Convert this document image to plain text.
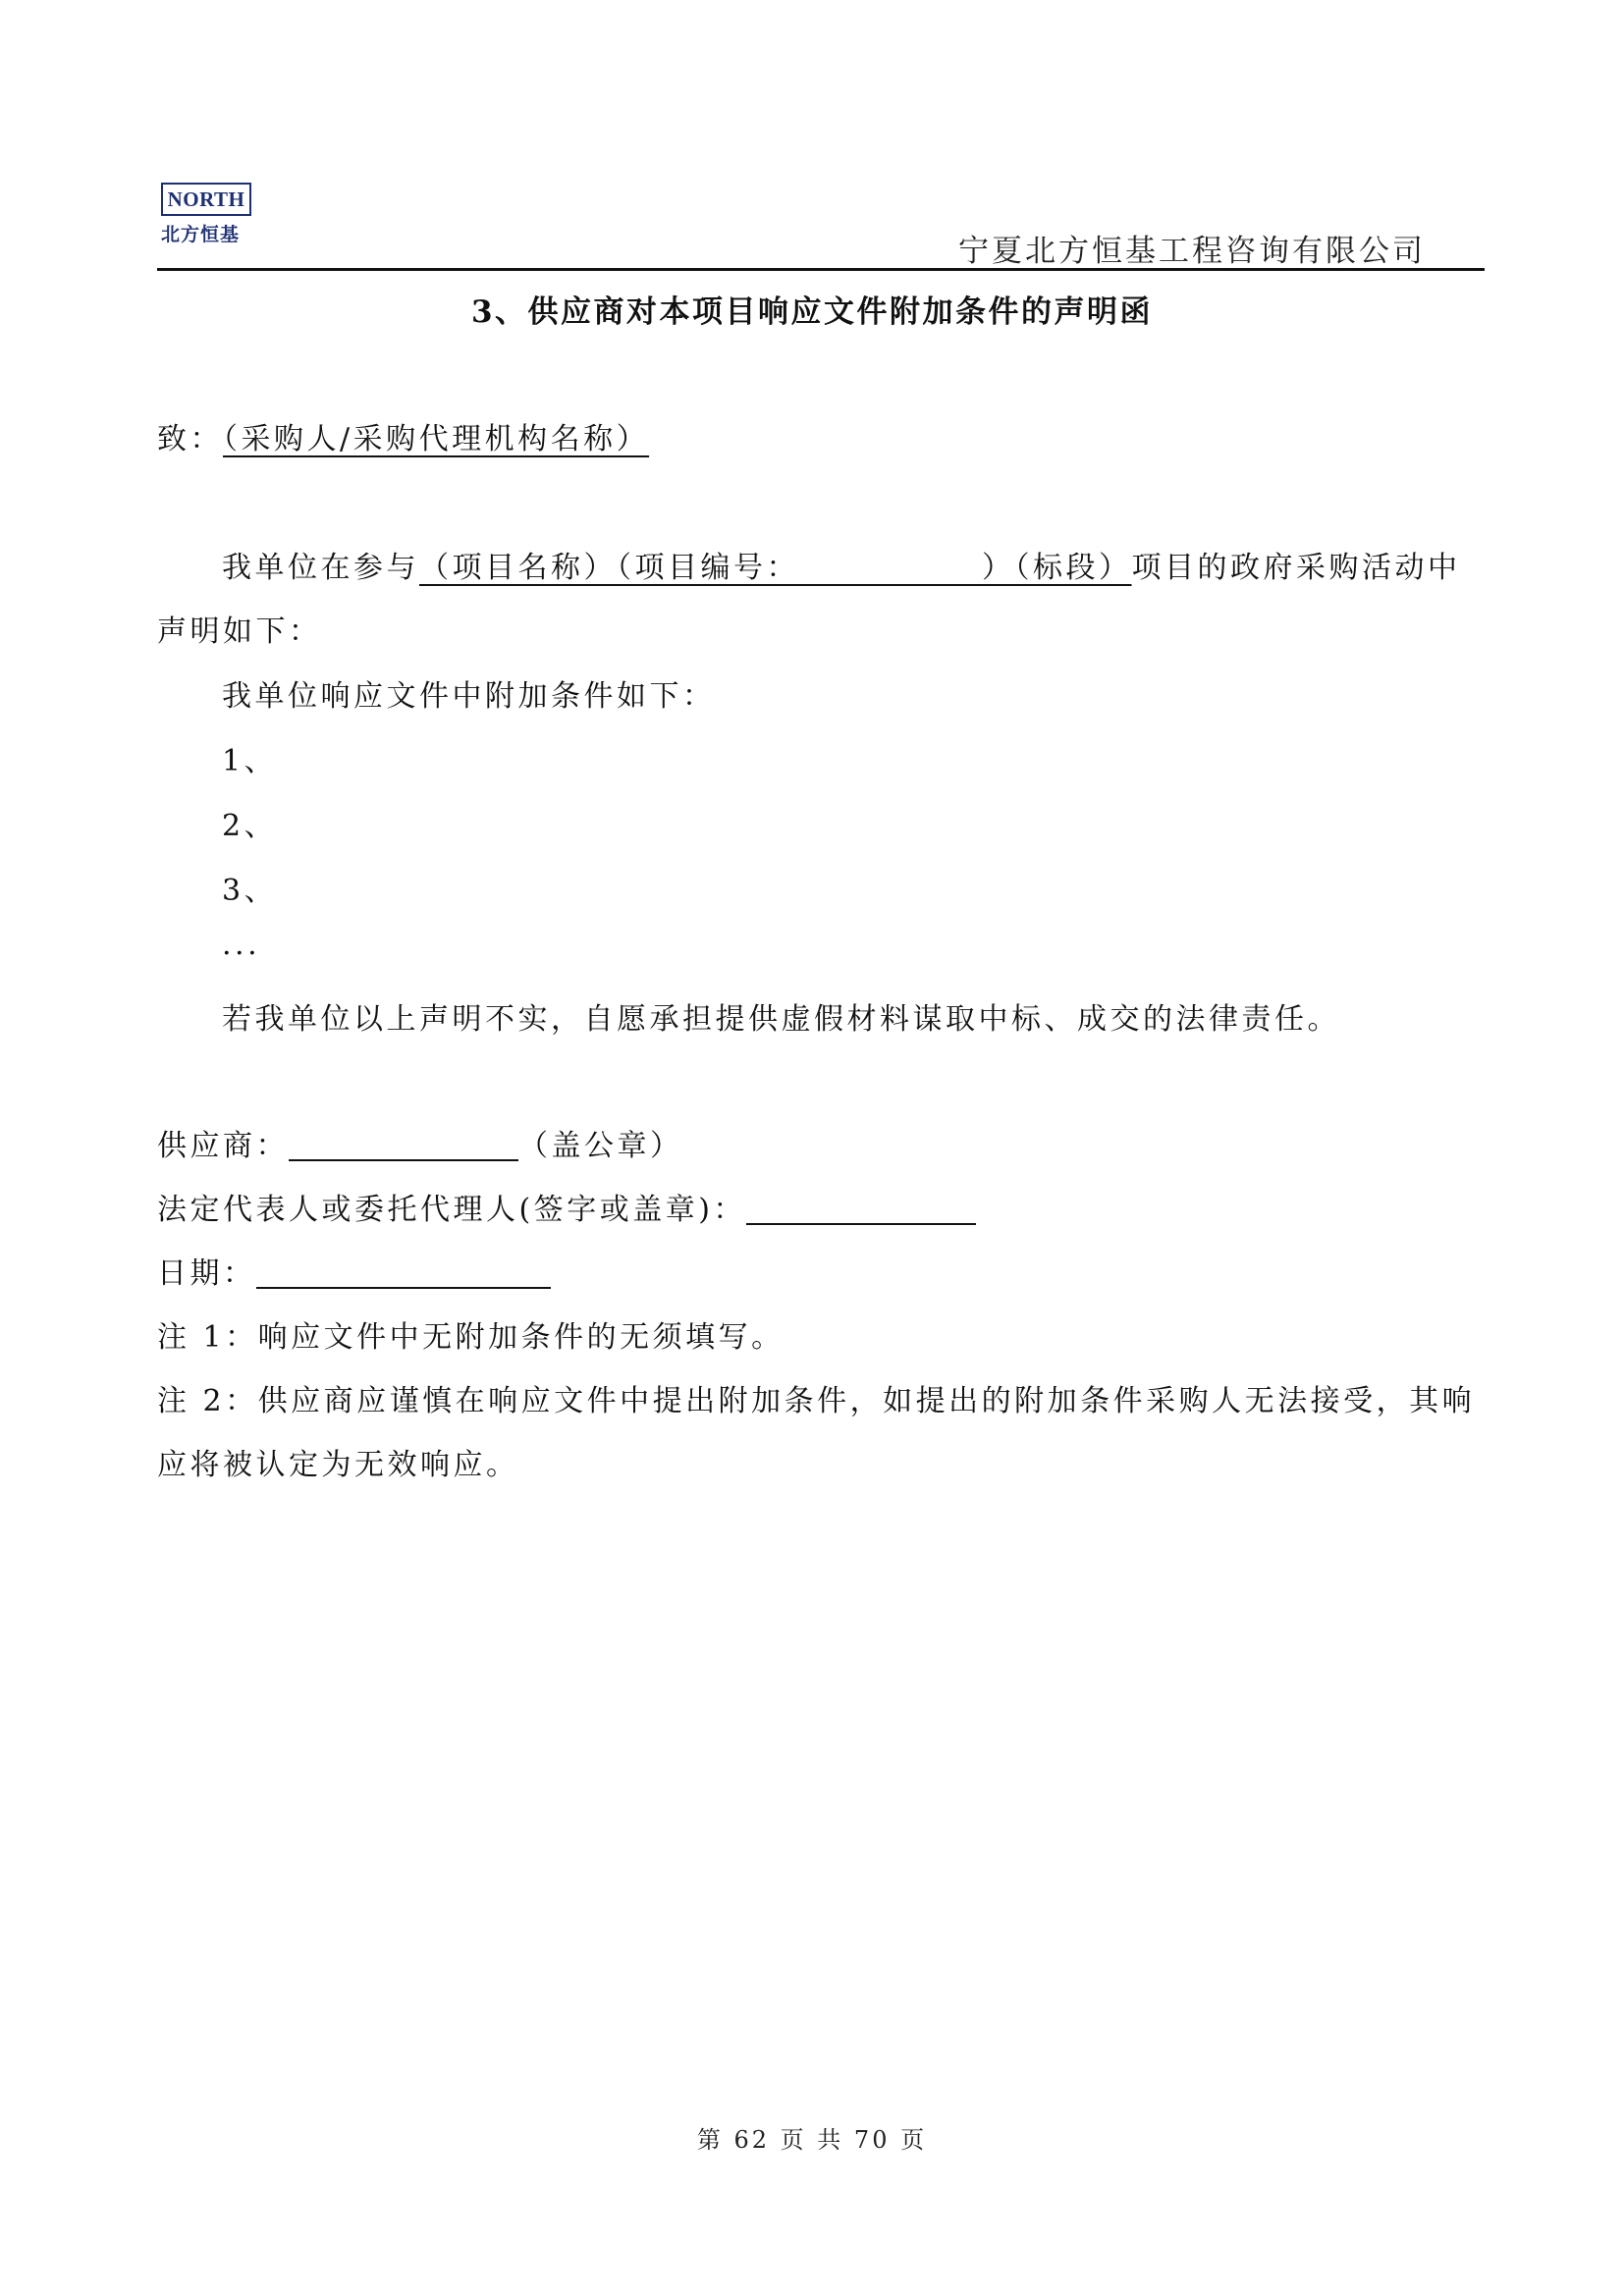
NORTH
北方恒基	宁夏北方恒基工程咨询有限公司
3、供应商对本项目响应文件附加条件的声明函
致：（采购人/采购代理机构名称）
我单位在参与（项目名称）（项目编号：　　　　　　	）（标段）项目的政府采购活动中
声明如下：
我单位响应文件中附加条件如下：
1、
2、
3、
...
若我单位以上声明不实，自愿承担提供虚假材料谋取中标、成交的法律责任。
供应商：	（盖公章）
法定代表人或委托代理人(签字或盖章)：
日期：
注 1：响应文件中无附加条件的无须填写。
注 2：供应商应谨慎在响应文件中提出附加条件，如提出的附加条件采购人无法接受，其响
应将被认定为无效响应。
第 62 页 共 70 页
